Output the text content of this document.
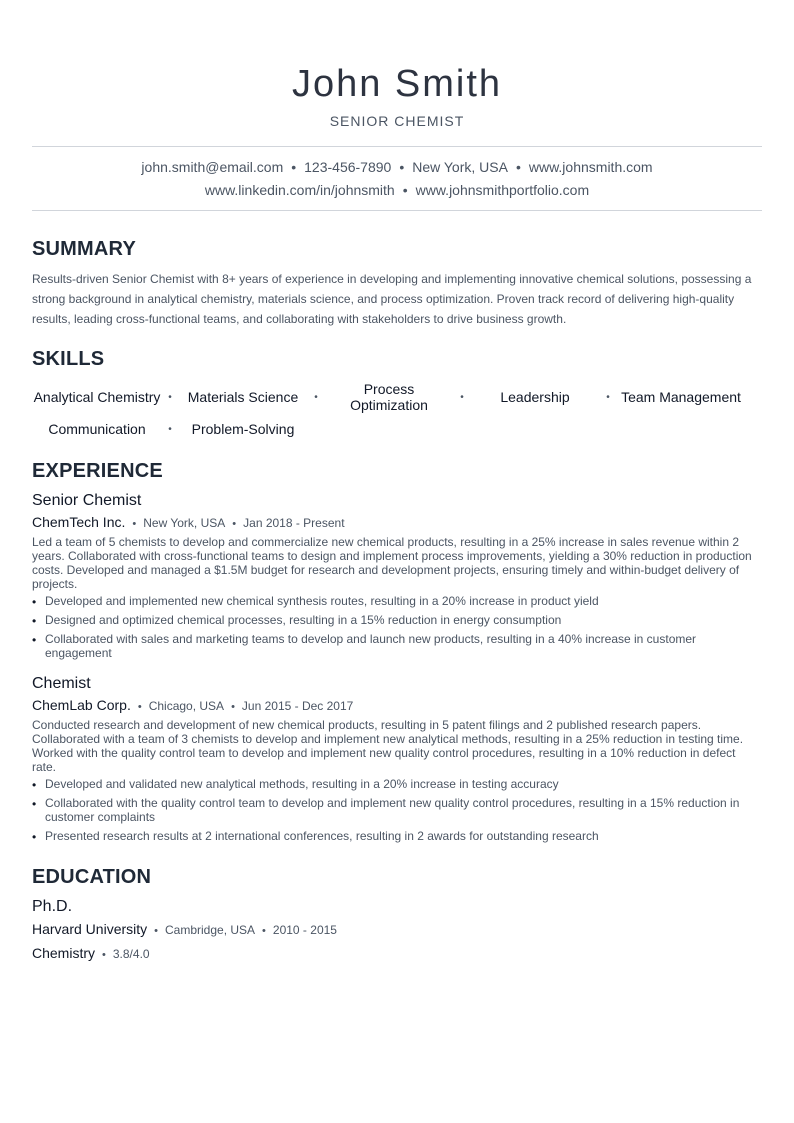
John Smith
SENIOR CHEMIST
john.smith@email.com • 123-456-7890 • New York, USA • www.johnsmith.com
www.linkedin.com/in/johnsmith • www.johnsmithportfolio.com
SUMMARY
Results-driven Senior Chemist with 8+ years of experience in developing and implementing innovative chemical solutions, possessing a strong background in analytical chemistry, materials science, and process optimization. Proven track record of delivering high-quality results, leading cross-functional teams, and collaborating with stakeholders to drive business growth.
SKILLS
Analytical Chemistry •	Materials Science	•	Process Optimization	•	Leadership	• Team Management
Communication	•	Problem-Solving
EXPERIENCE
Senior Chemist
ChemTech Inc. • New York, USA • Jan 2018 - Present
Led a team of 5 chemists to develop and commercialize new chemical products, resulting in a 25% increase in sales revenue within 2 years. Collaborated with cross-functional teams to design and implement process improvements, yielding a 30% reduction in production costs. Developed and managed a $1.5M budget for research and development projects, ensuring timely and within-budget delivery of projects.
• Developed and implemented new chemical synthesis routes, resulting in a 20% increase in product yield
• Designed and optimized chemical processes, resulting in a 15% reduction in energy consumption
• Collaborated with sales and marketing teams to develop and launch new products, resulting in a 40% increase in customer engagement
Chemist
ChemLab Corp. • Chicago, USA • Jun 2015 - Dec 2017
Conducted research and development of new chemical products, resulting in 5 patent filings and 2 published research papers. Collaborated with a team of 3 chemists to develop and implement new analytical methods, resulting in a 25% reduction in testing time. Worked with the quality control team to develop and implement new quality control procedures, resulting in a 10% reduction in defect rate.
• Developed and validated new analytical methods, resulting in a 20% increase in testing accuracy
• Collaborated with the quality control team to develop and implement new quality control procedures, resulting in a 15% reduction in customer complaints
• Presented research results at 2 international conferences, resulting in 2 awards for outstanding research
EDUCATION
Ph.D.
Harvard University • Cambridge, USA • 2010 - 2015
Chemistry • 3.8/4.0
